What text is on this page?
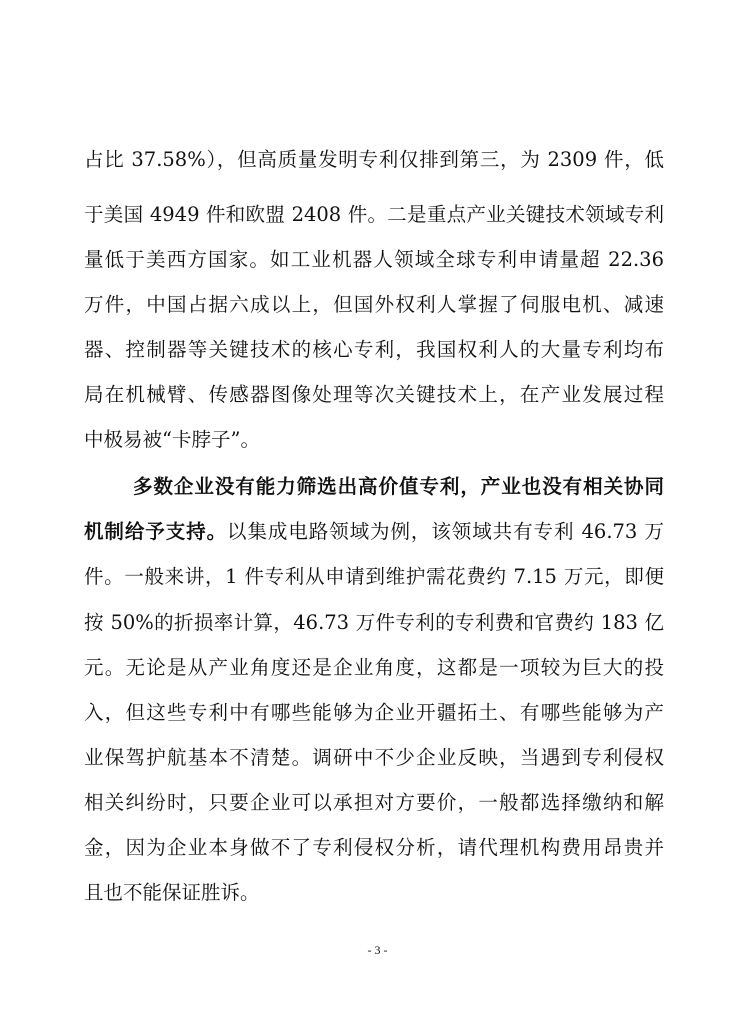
占比 37.58%），但高质量发明专利仅排到第三，为 2309 件，低
于美国 4949 件和欧盟 2408 件。二是重点产业关键技术领域专利
量低于美西方国家。如工业机器人领域全球专利申请量超 22.36
万件，中国占据六成以上，但国外权利人掌握了伺服电机、减速
器、控制器等关键技术的核心专利，我国权利人的大量专利均布
局在机械臂、传感器图像处理等次关键技术上，在产业发展过程
中极易被“卡脖子”。
多数企业没有能力筛选出高价值专利，产业也没有相关协同
机制给予支持。以集成电路领域为例，该领域共有专利 46.73 万
件。一般来讲，1 件专利从申请到维护需花费约 7.15 万元，即便
按 50%的折损率计算，46.73 万件专利的专利费和官费约 183 亿
元。无论是从产业角度还是企业角度，这都是一项较为巨大的投
入，但这些专利中有哪些能够为企业开疆拓土、有哪些能够为产
业保驾护航基本不清楚。调研中不少企业反映，当遇到专利侵权
相关纠纷时，只要企业可以承担对方要价，一般都选择缴纳和解
金，因为企业本身做不了专利侵权分析，请代理机构费用昂贵并
且也不能保证胜诉。
- 3 -
